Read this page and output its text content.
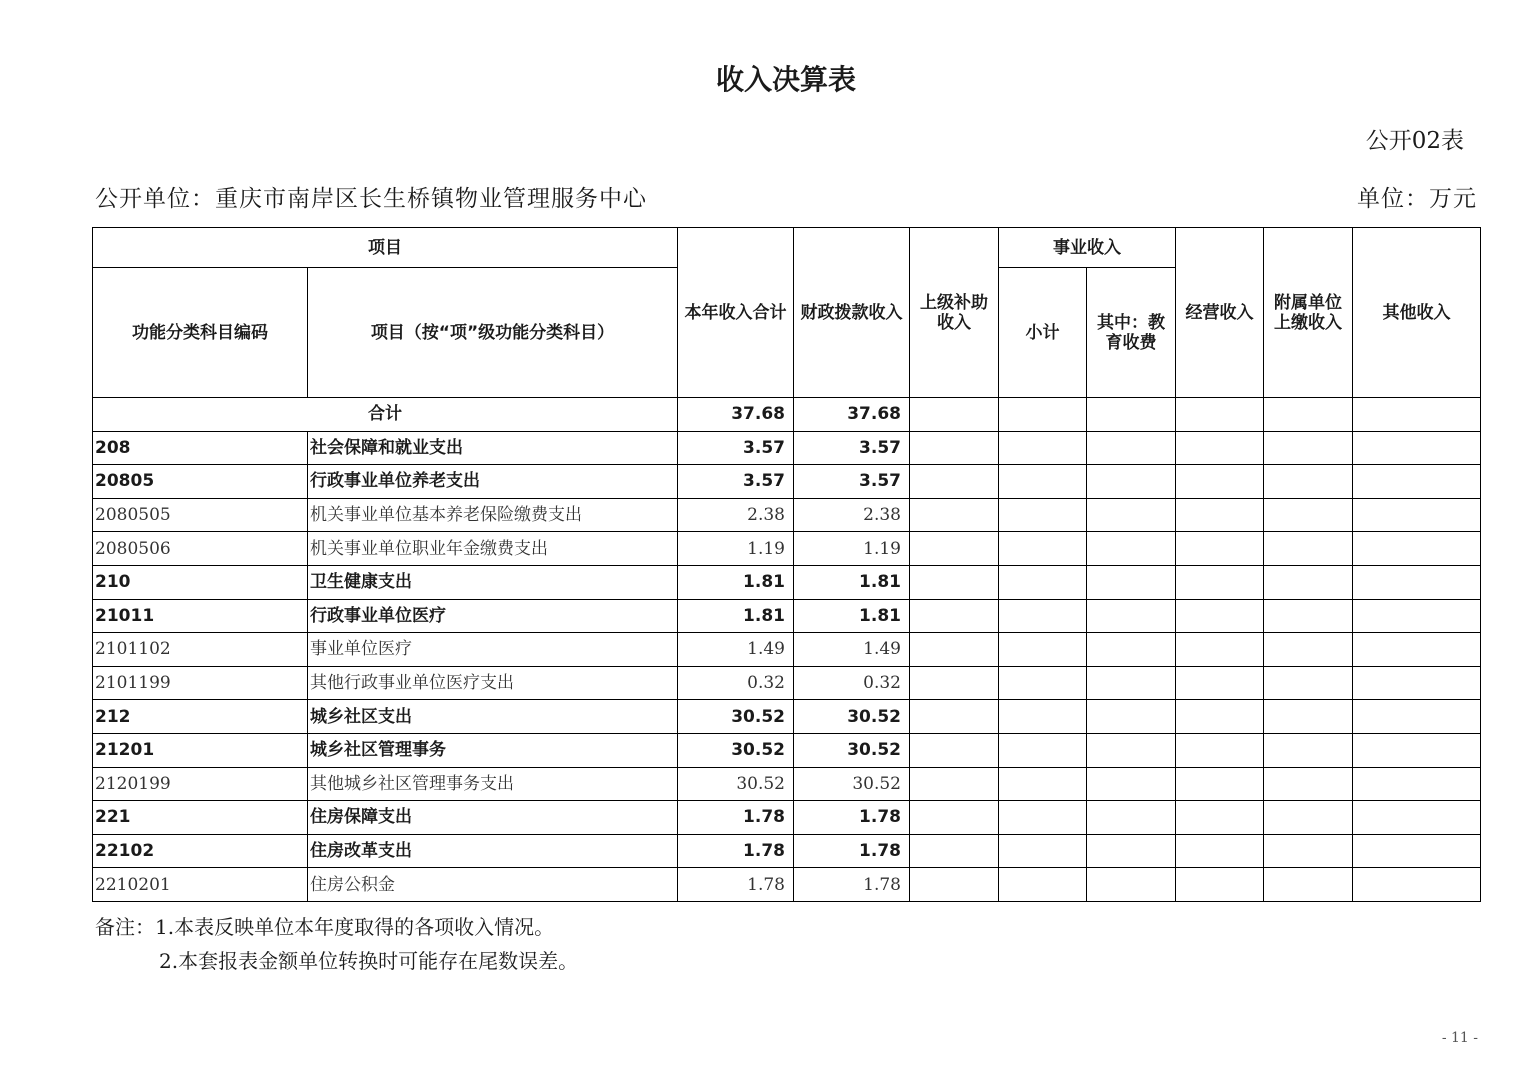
收入决算表
公开02表
公开单位：重庆市南岸区长生桥镇物业管理服务中心	单位：万元
项目		本年收入合计	财政拨款收入	上级补助收入	事业收入		经营收入	附属单位上缴收入	其他收入
功能分类科目编码	项目（按“项”级功能分类科目）				小计	其中：教育收费			
合计		37.68	37.68						
208	社会保障和就业支出	3.57	3.57						
20805	行政事业单位养老支出	3.57	3.57						
2080505	机关事业单位基本养老保险缴费支出	2.38	2.38						
2080506	机关事业单位职业年金缴费支出	1.19	1.19						
210	卫生健康支出	1.81	1.81						
21011	行政事业单位医疗	1.81	1.81						
2101102	事业单位医疗	1.49	1.49						
2101199	其他行政事业单位医疗支出	0.32	0.32						
212	城乡社区支出	30.52	30.52						
21201	城乡社区管理事务	30.52	30.52						
2120199	其他城乡社区管理事务支出	30.52	30.52						
221	住房保障支出	1.78	1.78						
22102	住房改革支出	1.78	1.78						
2210201	住房公积金	1.78	1.78						
备注：1.本表反映单位本年度取得的各项收入情况。
2.本套报表金额单位转换时可能存在尾数误差。
- 11 -
